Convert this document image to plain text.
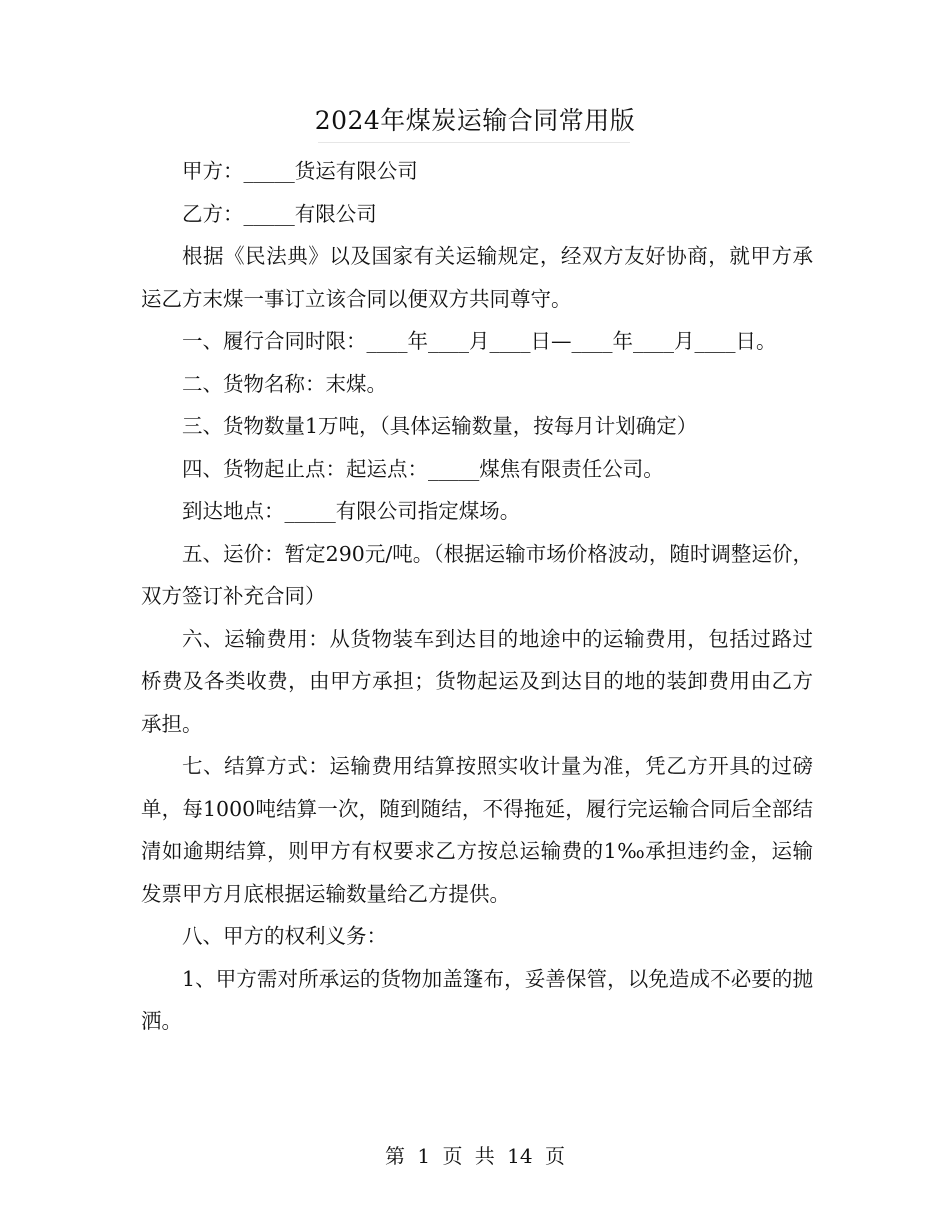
2024年煤炭运输合同常用版

甲方：_____货运有限公司

乙方：_____有限公司

根据《民法典》以及国家有关运输规定，经双方友好协商，就甲方承运乙方末煤一事订立该合同以便双方共同尊守。

一、履行合同时限：____年____月____日—____年____月____日。

二、货物名称：末煤。

三、货物数量1万吨，（具体运输数量，按每月计划确定）

四、货物起止点：起运点：_____煤焦有限责任公司。

到达地点：_____有限公司指定煤场。

五、运价：暂定290元/吨。（根据运输市场价格波动，随时调整运价，双方签订补充合同）

六、运输费用：从货物装车到达目的地途中的运输费用，包括过路过桥费及各类收费，由甲方承担；货物起运及到达目的地的装卸费用由乙方承担。

七、结算方式：运输费用结算按照实收计量为准，凭乙方开具的过磅单，每1000吨结算一次，随到随结，不得拖延，履行完运输合同后全部结清如逾期结算，则甲方有权要求乙方按总运输费的1‰承担违约金，运输发票甲方月底根据运输数量给乙方提供。

八、甲方的权利义务：

1、甲方需对所承运的货物加盖篷布，妥善保管，以免造成不必要的抛洒。

第 1 页 共 14 页
